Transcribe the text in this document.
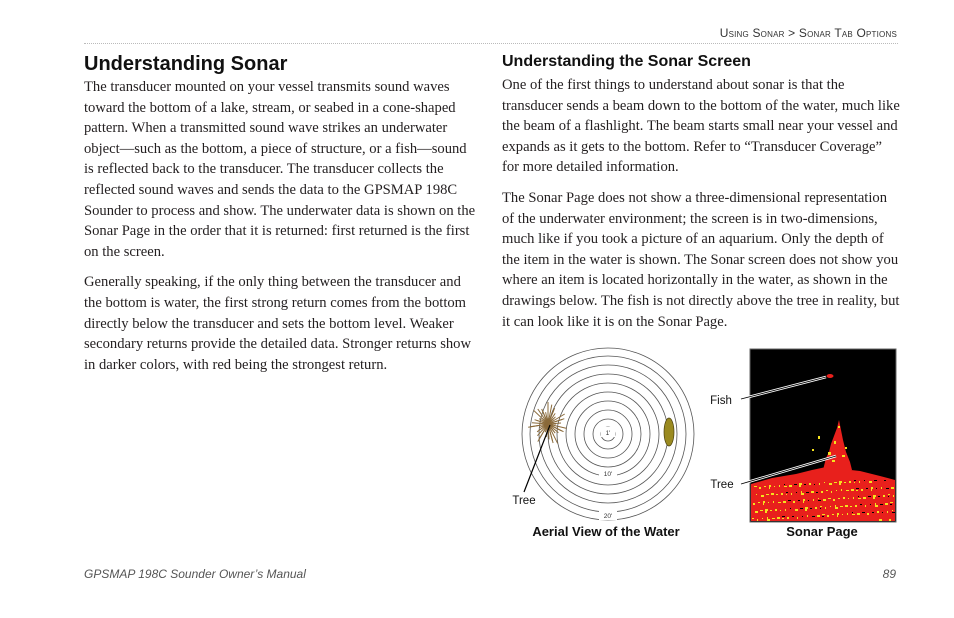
Using Sonar > Sonar Tab Options
Understanding Sonar

The transducer mounted on your vessel transmits sound waves toward the bottom of a lake, stream, or seabed in a cone-shaped pattern. When a transmitted sound wave strikes an underwater object—such as the bottom, a piece of structure, or a fish—sound is reflected back to the transducer. The transducer collects the reflected sound waves and sends the data to the GPSMAP 198C Sounder to process and show. The underwater data is shown on the Sonar Page in the order that it is returned: first returned is the first on the screen.

Generally speaking, if the only thing between the transducer and the bottom is water, the first strong return comes from the bottom directly below the transducer and sets the bottom level. Weaker secondary returns provide the detailed data. Stronger returns show in darker colors, with red being the strongest return.

Understanding the Sonar Screen

One of the first things to understand about sonar is that the transducer sends a beam down to the bottom of the water, much like the beam of a flashlight. The beam starts small near your vessel and expands as it gets to the bottom. Refer to “Transducer Coverage” for more detailed information.

The Sonar Page does not show a three-dimensional representation of the underwater environment; the screen is in two-dimensions, much like if you took a picture of an aquarium. Only the depth of the item in the water is shown. The Sonar screen does not show you where an item is located horizontally in the water, as shown in the drawings below. The fish is not directly above the tree in reality, but it can look like it is on the Sonar Page.

1'
10'
20'
Tree
Aerial View of the Water
Fish
Tree
Sonar Page
GPSMAP 198C Sounder Owner’s Manual	89
